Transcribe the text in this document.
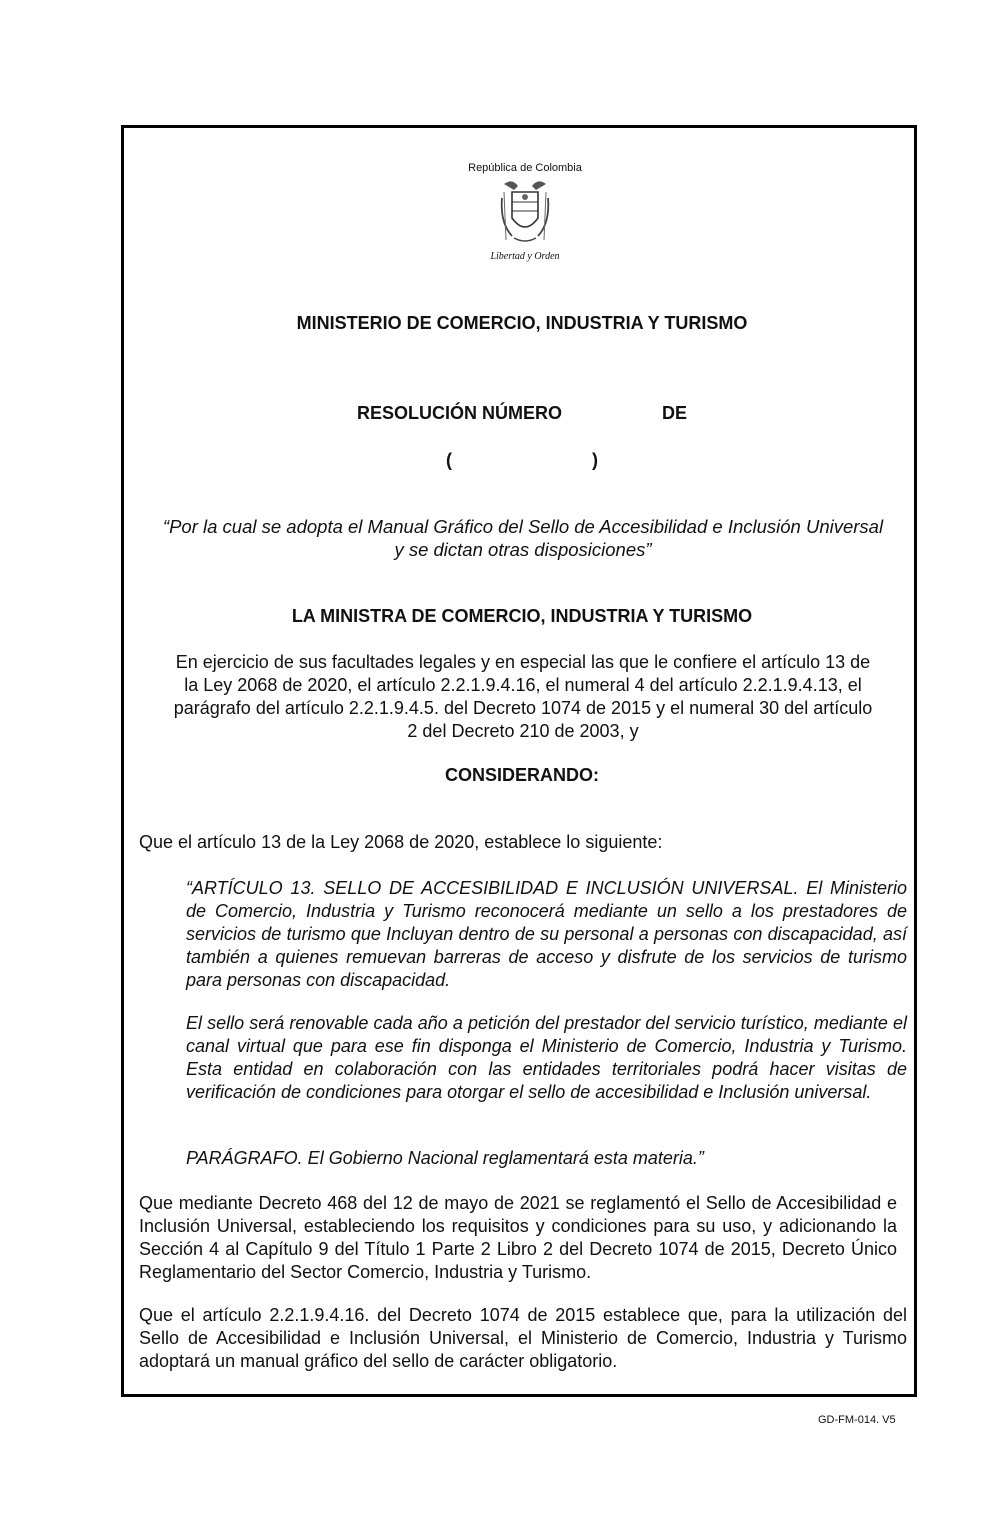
República de Colombia
Libertad y Orden
MINISTERIO DE COMERCIO, INDUSTRIA Y TURISMO
RESOLUCIÓN NÚMERO	DE
(	)
“Por la cual se adopta el Manual Gráfico del Sello de Accesibilidad e Inclusión Universal
y se dictan otras disposiciones”
LA MINISTRA DE COMERCIO, INDUSTRIA Y TURISMO
En ejercicio de sus facultades legales y en especial las que le confiere el artículo 13 de
la Ley 2068 de 2020, el artículo 2.2.1.9.4.16, el numeral 4 del artículo 2.2.1.9.4.13, el
parágrafo del artículo 2.2.1.9.4.5. del Decreto 1074 de 2015 y el numeral 30 del artículo
2 del Decreto 210 de 2003, y
CONSIDERANDO:
Que el artículo 13 de la Ley 2068 de 2020, establece lo siguiente:
“ARTÍCULO 13. SELLO DE ACCESIBILIDAD E INCLUSIÓN UNIVERSAL. El Ministerio de Comercio, Industria y Turismo reconocerá mediante un sello a los prestadores de servicios de turismo que Incluyan dentro de su personal a personas con discapacidad, así también a quienes remuevan barreras de acceso y disfrute de los servicios de turismo para personas con discapacidad.
El sello será renovable cada año a petición del prestador del servicio turístico, mediante el canal virtual que para ese fin disponga el Ministerio de Comercio, Industria y Turismo. Esta entidad en colaboración con las entidades territoriales podrá hacer visitas de verificación de condiciones para otorgar el sello de accesibilidad e Inclusión universal.
PARÁGRAFO. El Gobierno Nacional reglamentará esta materia.”
Que mediante Decreto 468 del 12 de mayo de 2021 se reglamentó el Sello de Accesibilidad e Inclusión Universal, estableciendo los requisitos y condiciones para su uso, y adicionando la Sección 4 al Capítulo 9 del Título 1 Parte 2 Libro 2 del Decreto 1074 de 2015, Decreto Único Reglamentario del Sector Comercio, Industria y Turismo.
Que el artículo 2.2.1.9.4.16. del Decreto 1074 de 2015 establece que, para la utilización del Sello de Accesibilidad e Inclusión Universal, el Ministerio de Comercio, Industria y Turismo adoptará un manual gráfico del sello de carácter obligatorio.
GD-FM-014. V5
